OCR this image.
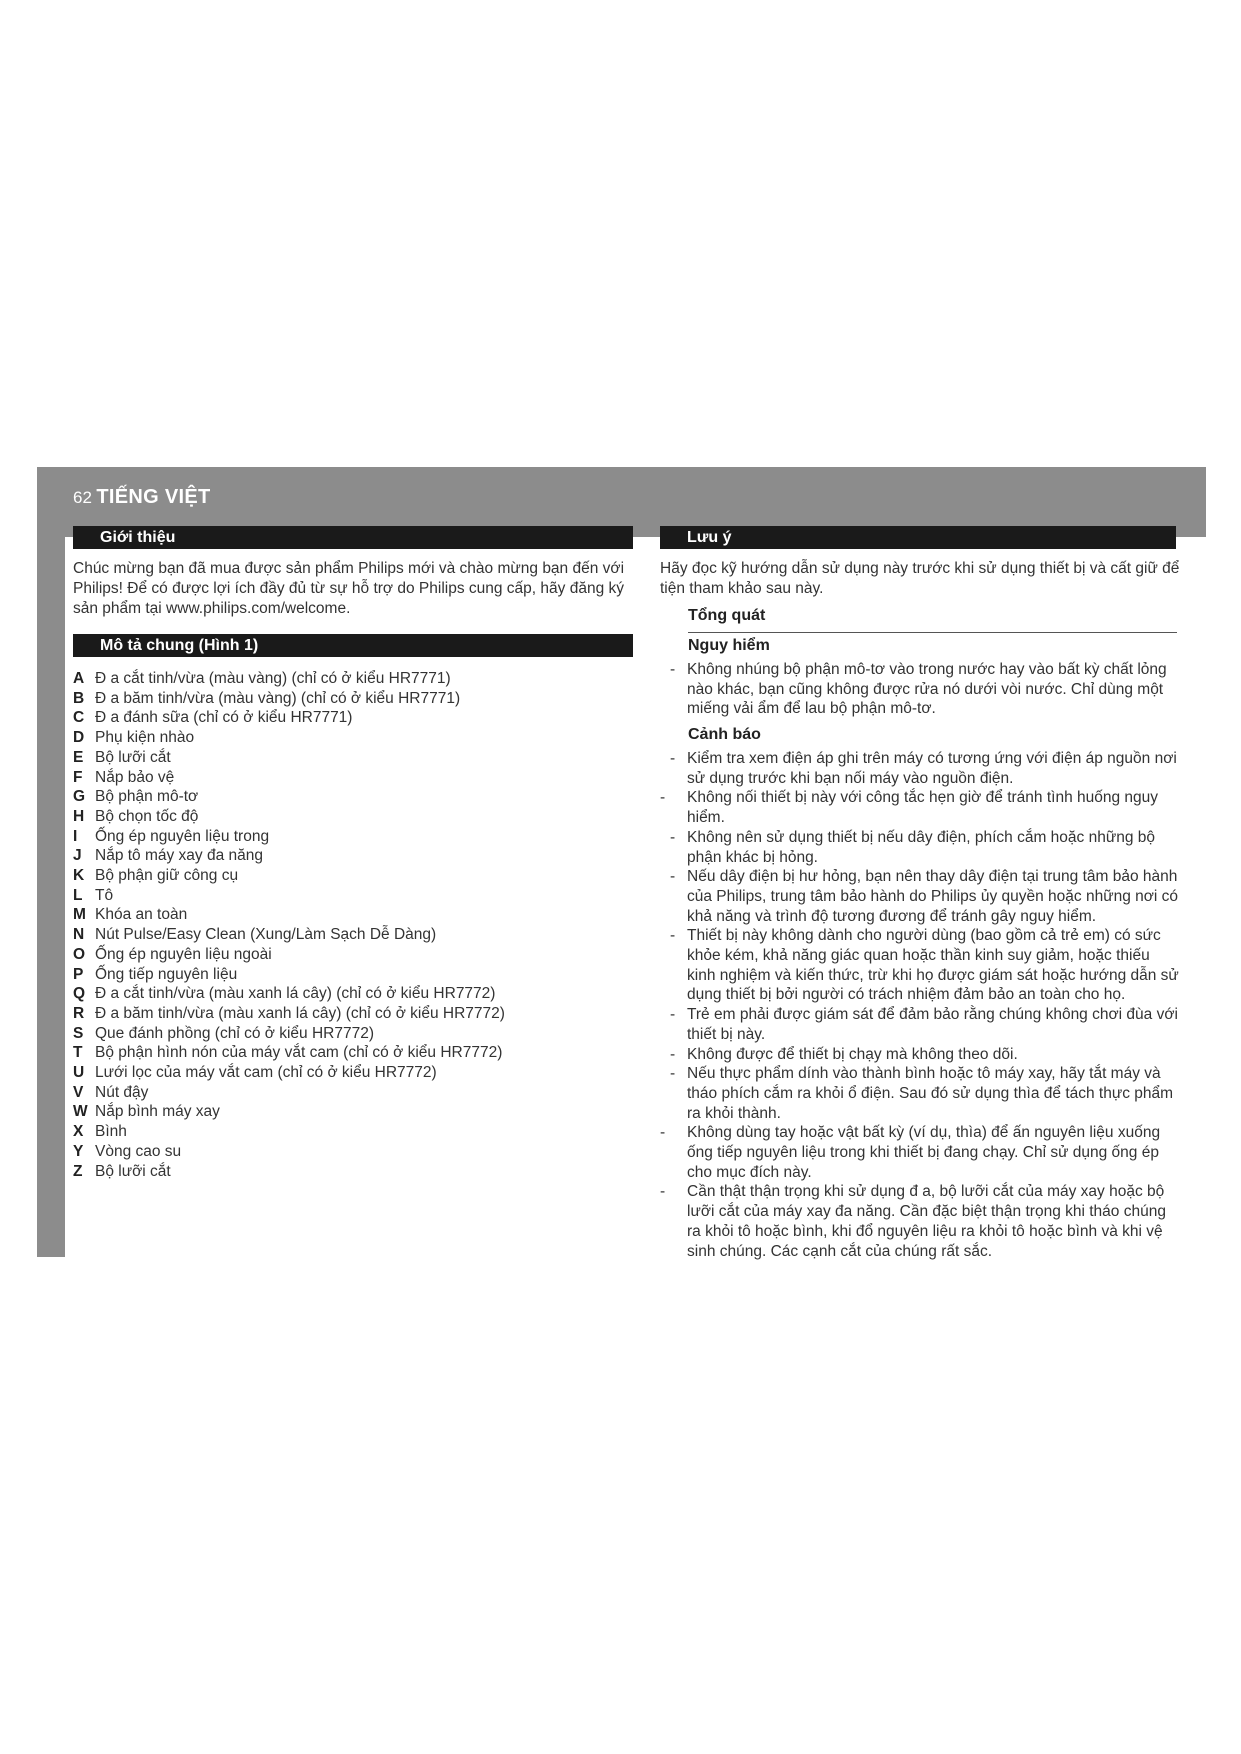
62 TIẾNG VIỆT
Giới thiệu
Chúc mừng bạn đã mua được sản phẩm Philips mới và chào mừng bạn đến với Philips! Để có được lợi ích đầy đủ từ sự hỗ trợ do Philips cung cấp, hãy đăng ký sản phẩm tại www.philips.com/welcome.
Mô tả chung (Hình 1)
A Đ a cắt tinh/vừa (màu vàng) (chỉ có ở kiểu HR7771)
B Đ a băm tinh/vừa (màu vàng) (chỉ có ở kiểu HR7771)
C Đ a đánh sữa (chỉ có ở kiểu HR7771)
D Phụ kiện nhào
E Bộ lưỡi cắt
F Nắp bảo vệ
G Bộ phận mô-tơ
H Bộ chọn tốc độ
I Ống ép nguyên liệu trong
J Nắp tô máy xay đa năng
K Bộ phận giữ công cụ
L Tô
M Khóa an toàn
N Nút Pulse/Easy Clean (Xung/Làm Sạch Dễ Dàng)
O Ống ép nguyên liệu ngoài
P Ống tiếp nguyên liệu
Q Đ a cắt tinh/vừa (màu xanh lá cây) (chỉ có ở kiểu HR7772)
R Đ a băm tinh/vừa (màu xanh lá cây) (chỉ có ở kiểu HR7772)
S Que đánh phồng (chỉ có ở kiểu HR7772)
T Bộ phận hình nón của máy vắt cam (chỉ có ở kiểu HR7772)
U Lưới lọc của máy vắt cam (chỉ có ở kiểu HR7772)
V Nút đậy
W Nắp bình máy xay
X Bình
Y Vòng cao su
Z Bộ lưỡi cắt
Lưu ý
Hãy đọc kỹ hướng dẫn sử dụng này trước khi sử dụng thiết bị và cất giữ để tiện tham khảo sau này.
Tổng quát
Nguy hiểm
- Không nhúng bộ phận mô-tơ vào trong nước hay vào bất kỳ chất lỏng nào khác, bạn cũng không được rửa nó dưới vòi nước. Chỉ dùng một miếng vải ẩm để lau bộ phận mô-tơ.
Cảnh báo
- Kiểm tra xem điện áp ghi trên máy có tương ứng với điện áp nguồn nơi sử dụng trước khi bạn nối máy vào nguồn điện.
- Không nối thiết bị này với công tắc hẹn giờ để tránh tình huống nguy hiểm.
- Không nên sử dụng thiết bị nếu dây điện, phích cắm hoặc những bộ phận khác bị hỏng.
- Nếu dây điện bị hư hỏng, bạn nên thay dây điện tại trung tâm bảo hành của Philips, trung tâm bảo hành do Philips ủy quyền hoặc những nơi có khả năng và trình độ tương đương để tránh gây nguy hiểm.
- Thiết bị này không dành cho người dùng (bao gồm cả trẻ em) có sức khỏe kém, khả năng giác quan hoặc thần kinh suy giảm, hoặc thiếu kinh nghiệm và kiến thức, trừ khi họ được giám sát hoặc hướng dẫn sử dụng thiết bị bởi người có trách nhiệm đảm bảo an toàn cho họ.
- Trẻ em phải được giám sát để đảm bảo rằng chúng không chơi đùa với thiết bị này.
- Không được để thiết bị chạy mà không theo dõi.
- Nếu thực phẩm dính vào thành bình hoặc tô máy xay, hãy tắt máy và tháo phích cắm ra khỏi ổ điện. Sau đó sử dụng thìa để tách thực phẩm ra khỏi thành.
- Không dùng tay hoặc vật bất kỳ (ví dụ, thìa) để ấn nguyên liệu xuống ống tiếp nguyên liệu trong khi thiết bị đang chạy. Chỉ sử dụng ống ép cho mục đích này.
- Cần thật thận trọng khi sử dụng đ a, bộ lưỡi cắt của máy xay hoặc bộ lưỡi cắt của máy xay đa năng. Cần đặc biệt thận trọng khi tháo chúng ra khỏi tô hoặc bình, khi đổ nguyên liệu ra khỏi tô hoặc bình và khi vệ sinh chúng. Các cạnh cắt của chúng rất sắc.
